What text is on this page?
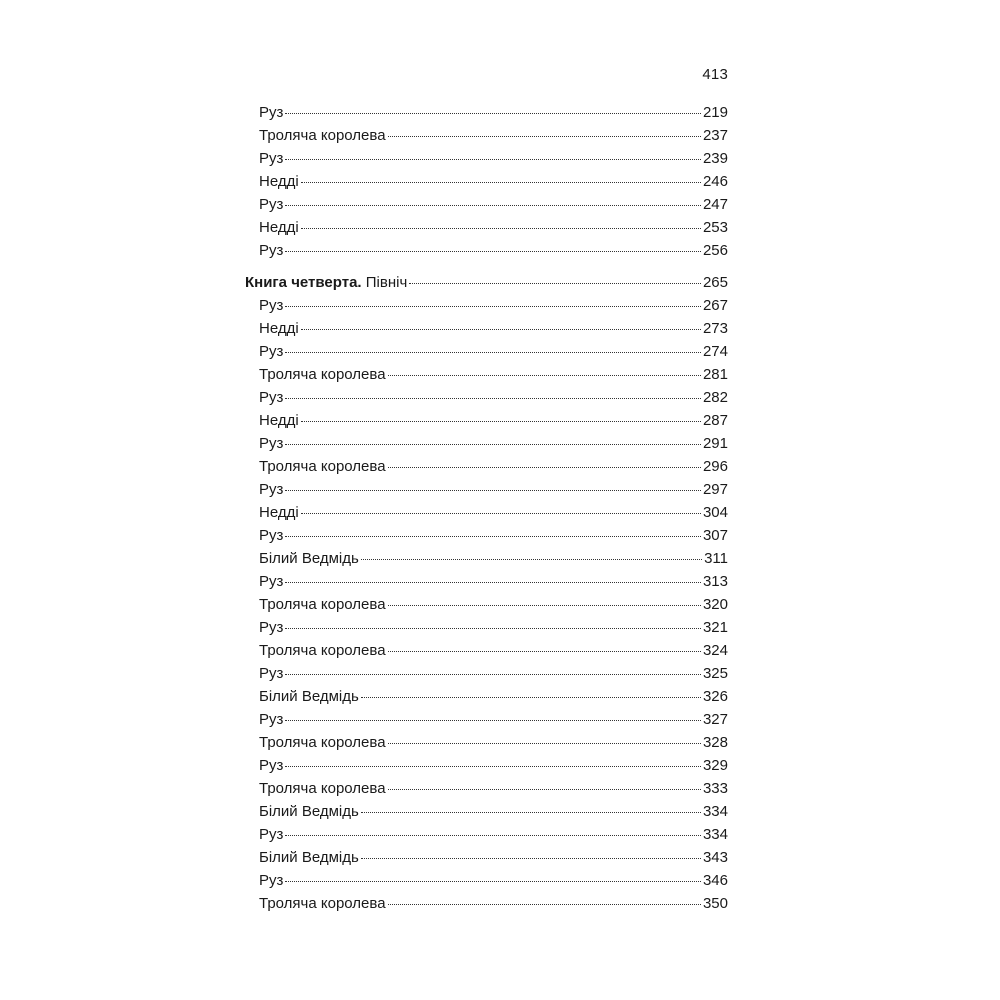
413
Руз	219
Троляча королева	237
Руз	239
Недді	246
Руз	247
Недді	253
Руз	256
Книга четверта. Північ	265
Руз	267
Недді	273
Руз	274
Троляча королева	281
Руз	282
Недді	287
Руз	291
Троляча королева	296
Руз	297
Недді	304
Руз	307
Білий Ведмідь	311
Руз	313
Троляча королева	320
Руз	321
Троляча королева	324
Руз	325
Білий Ведмідь	326
Руз	327
Троляча королева	328
Руз	329
Троляча королева	333
Білий Ведмідь	334
Руз	334
Білий Ведмідь	343
Руз	346
Троляча королева	350
